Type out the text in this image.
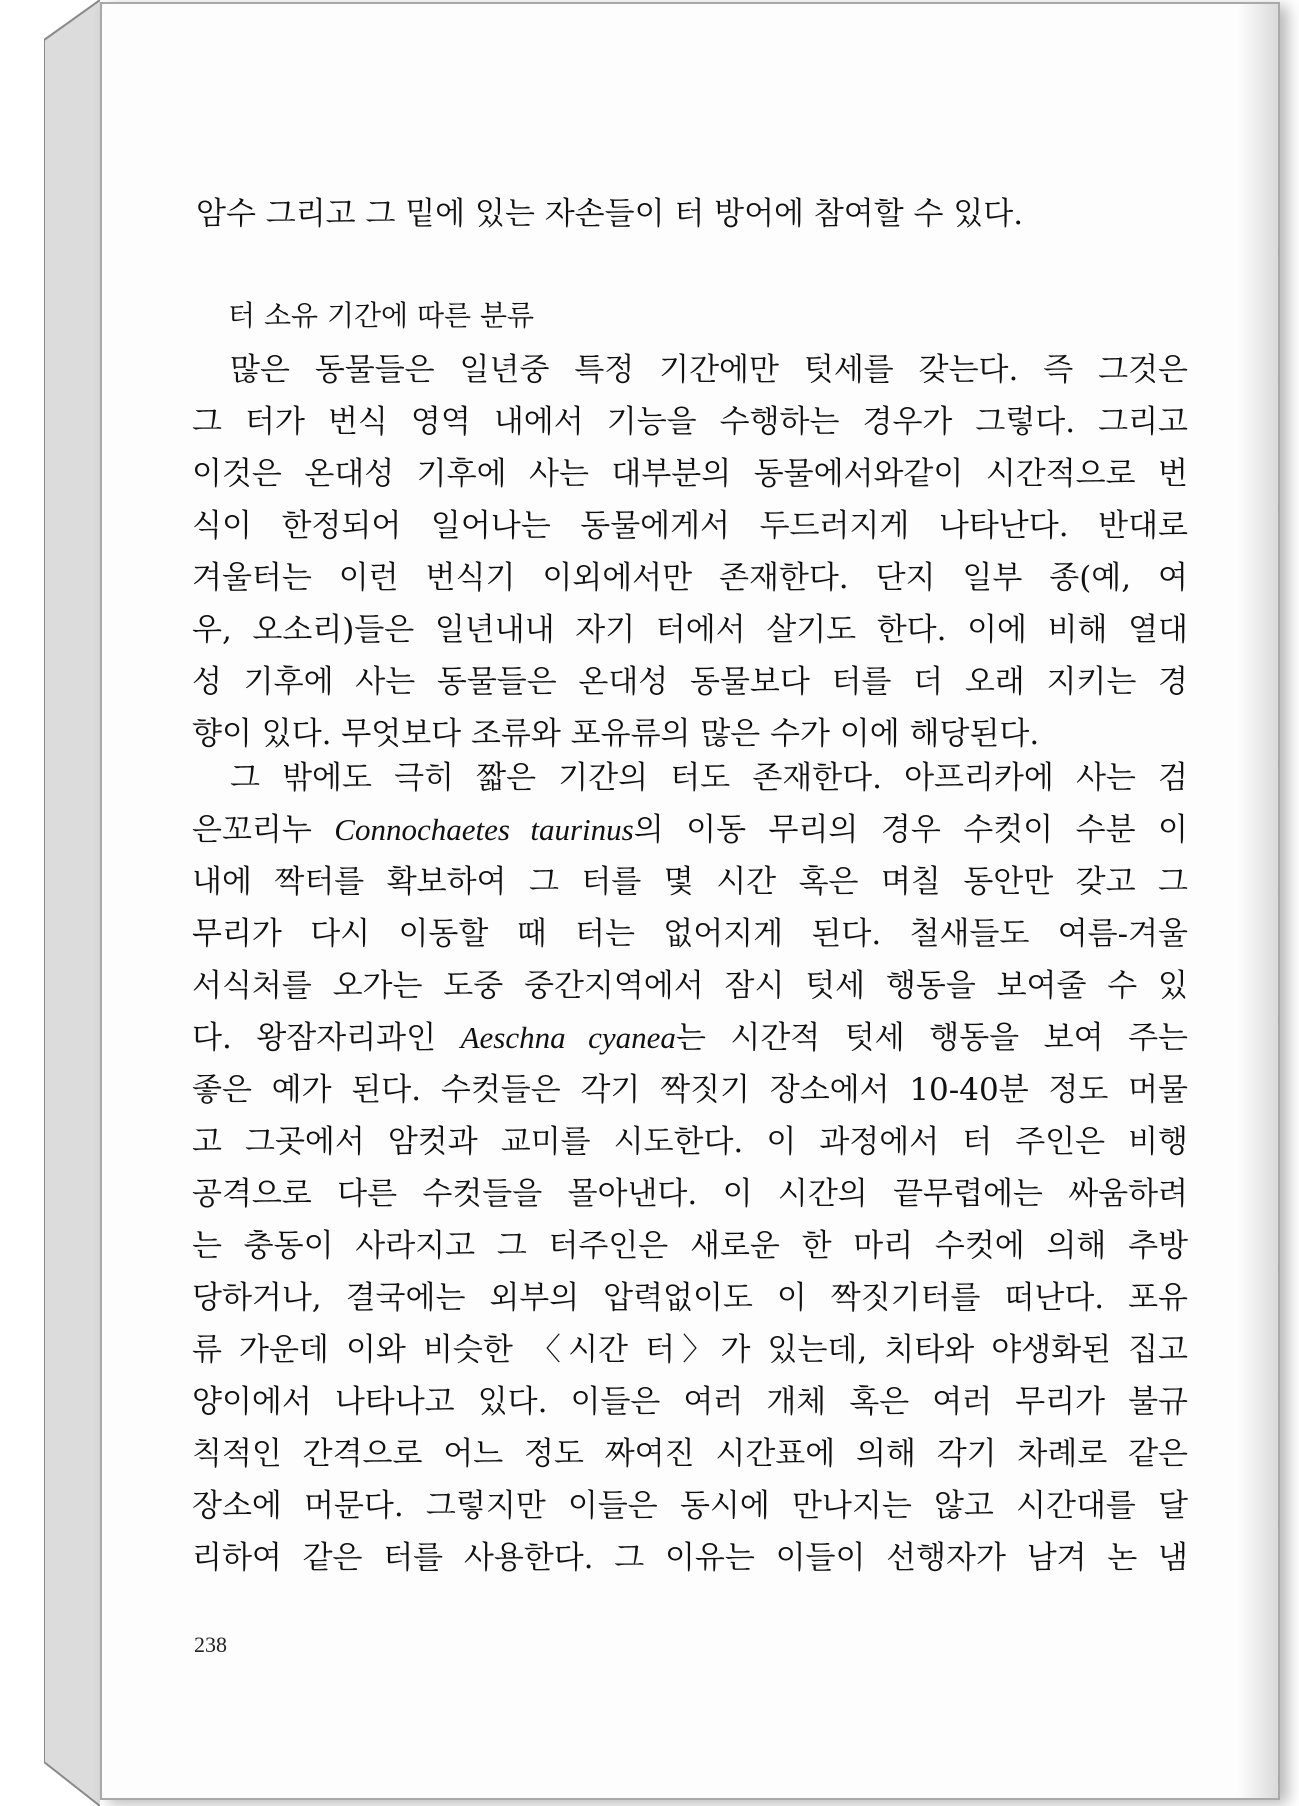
암수 그리고 그 밑에 있는 자손들이 터 방어에 참여할 수 있다.
터 소유 기간에 따른 분류
많은 동물들은 일년중 특정 기간에만 텃세를 갖는다. 즉 그것은
그 터가 번식 영역 내에서 기능을 수행하는 경우가 그렇다. 그리고
이것은 온대성 기후에 사는 대부분의 동물에서와같이 시간적으로 번
식이 한정되어 일어나는 동물에게서 두드러지게 나타난다. 반대로
겨울터는 이런 번식기 이외에서만 존재한다. 단지 일부 종(예, 여
우, 오소리)들은 일년내내 자기 터에서 살기도 한다. 이에 비해 열대
성 기후에 사는 동물들은 온대성 동물보다 터를 더 오래 지키는 경
향이 있다. 무엇보다 조류와 포유류의 많은 수가 이에 해당된다.
그 밖에도 극히 짧은 기간의 터도 존재한다. 아프리카에 사는 검
은꼬리누 Connochaetes taurinus의 이동 무리의 경우 수컷이 수분 이
내에 짝터를 확보하여 그 터를 몇 시간 혹은 며칠 동안만 갖고 그
무리가 다시 이동할 때 터는 없어지게 된다. 철새들도 여름-겨울
서식처를 오가는 도중 중간지역에서 잠시 텃세 행동을 보여줄 수 있
다. 왕잠자리과인 Aeschna cyanea는 시간적 텃세 행동을 보여 주는
좋은 예가 된다. 수컷들은 각기 짝짓기 장소에서 10-40분 정도 머물
고 그곳에서 암컷과 교미를 시도한다. 이 과정에서 터 주인은 비행
공격으로 다른 수컷들을 몰아낸다. 이 시간의 끝무렵에는 싸움하려
는 충동이 사라지고 그 터주인은 새로운 한 마리 수컷에 의해 추방
당하거나, 결국에는 외부의 압력없이도 이 짝짓기터를 떠난다. 포유
류 가운데 이와 비슷한 〈시간 터〉가 있는데, 치타와 야생화된 집고
양이에서 나타나고 있다. 이들은 여러 개체 혹은 여러 무리가 불규
칙적인 간격으로 어느 정도 짜여진 시간표에 의해 각기 차례로 같은
장소에 머문다. 그렇지만 이들은 동시에 만나지는 않고 시간대를 달
리하여 같은 터를 사용한다. 그 이유는 이들이 선행자가 남겨 논 냄
238
